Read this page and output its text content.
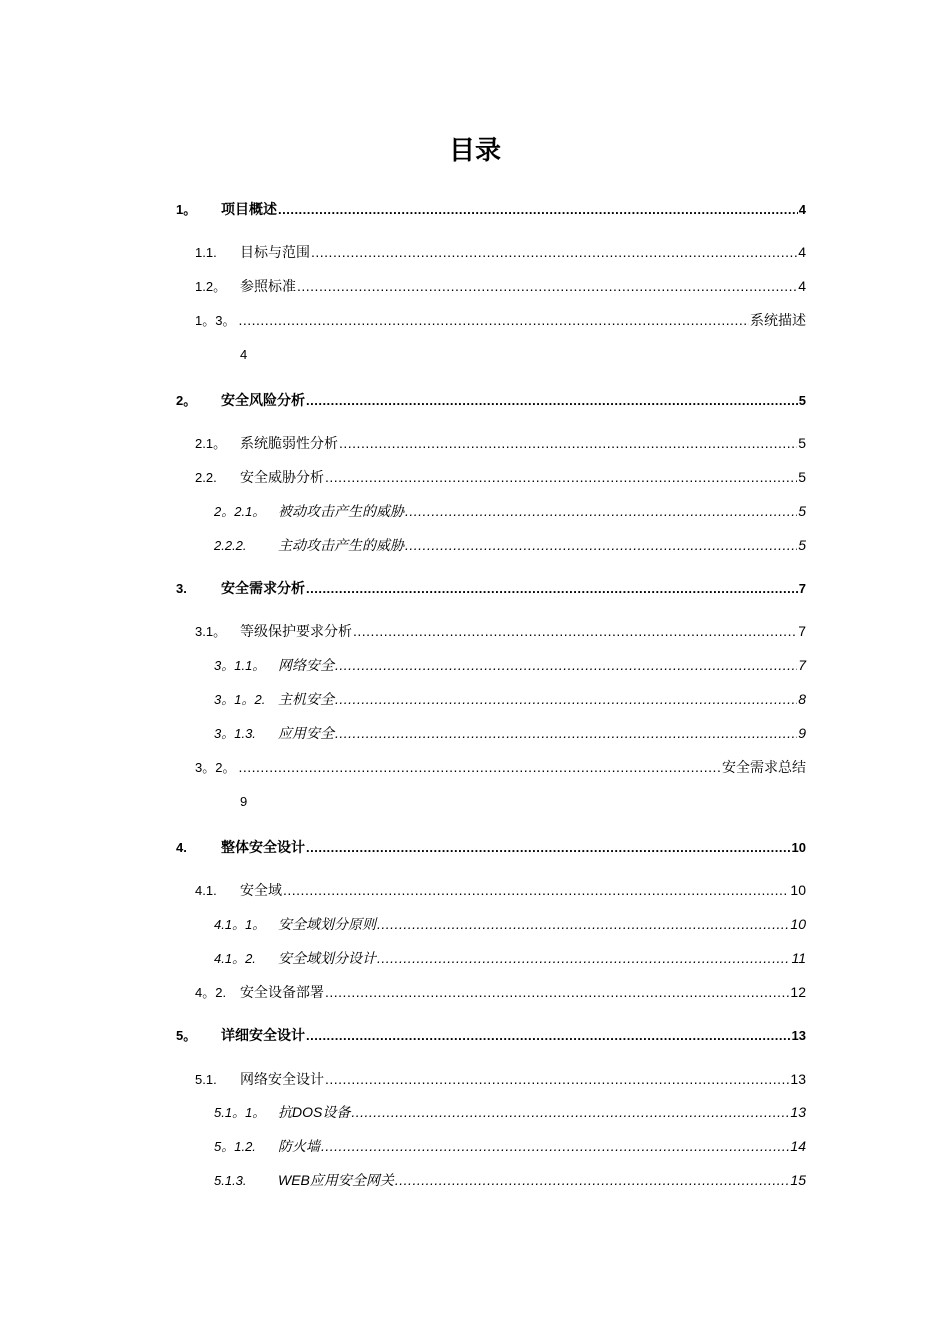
目录
1。	项目概述 .....	4
1.1.	目标与范围 .....	4
1.2。 参照标准 .....	4
1。3。 .....	系统描述
4
2。	安全风险分析 .....	5
2.1。 系统脆弱性分析 .....	5
2.2.	安全威胁分析 .....	5
2。2.1。 被动攻击产生的威胁 .....	5
2.2.2.	主动攻击产生的威胁 .....	5
3.	安全需求分析 .....	7
3.1。 等级保护要求分析 .....	7
3。1.1。 网络安全 .....	7
3。1。2. 主机安全 .....	8
3。1.3.	应用安全 .....	9
3。2。 .....	安全需求总结
9
4.	整体安全设计 .....	10
4.1.	安全域 .....	10
4.1。1。 安全域划分原则 .....	10
4.1。2.	安全域划分设计 .....	11
4。2. 安全设备部署 .....	12
5。	详细安全设计 .....	13
5.1.	网络安全设计 .....	13
5.1。1。 抗DOS设备 .....	13
5。1.2.	防火墙 .....	14
5.1.3.	WEB应用安全网关 .....	15
